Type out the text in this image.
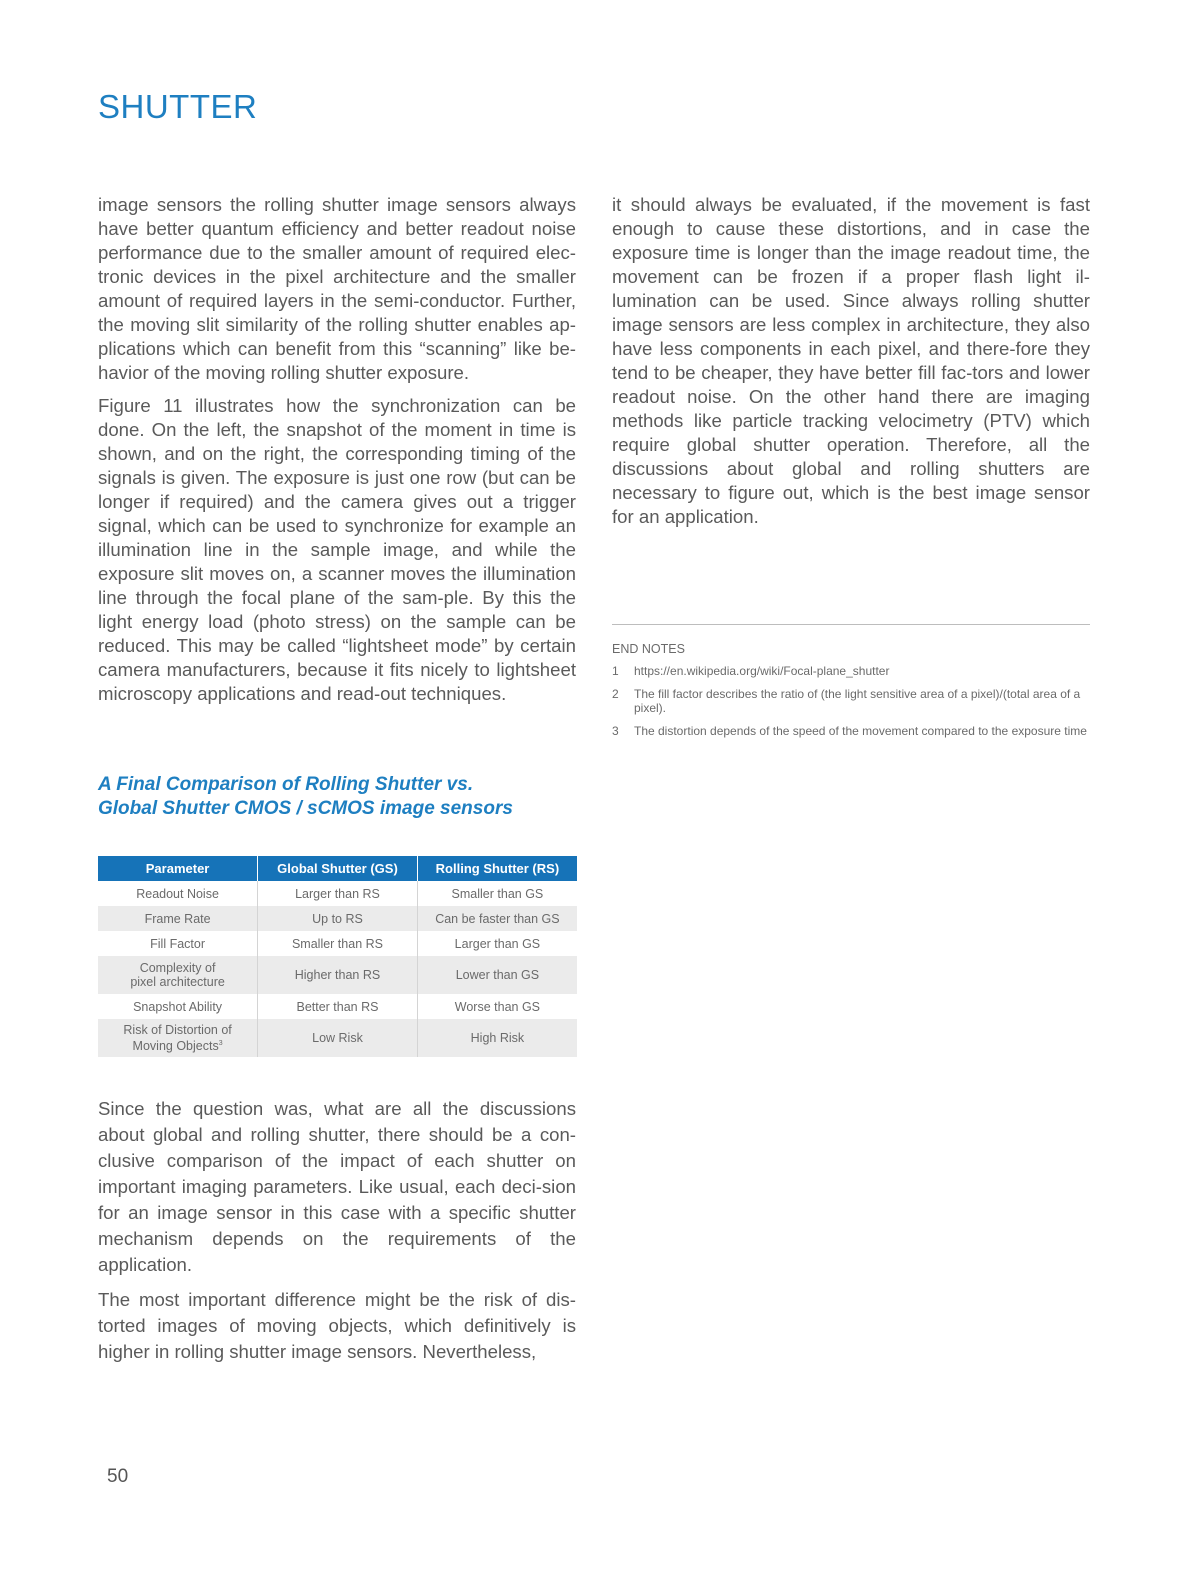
SHUTTER

image sensors the rolling shutter image sensors always have better quantum efficiency and better readout noise performance due to the smaller amount of required elec-tronic devices in the pixel architecture and the smaller amount of required layers in the semi-conductor. Further, the moving slit similarity of the rolling shutter enables ap-plications which can benefit from this “scanning” like be-havior of the moving rolling shutter exposure.

Figure 11 illustrates how the synchronization can be done. On the left, the snapshot of the moment in time is shown, and on the right, the corresponding timing of the signals is given. The exposure is just one row (but can be longer if required) and the camera gives out a trigger signal, which can be used to synchronize for example an illumination line in the sample image, and while the exposure slit moves on, a scanner moves the illumination line through the focal plane of the sam-ple. By this the light energy load (photo stress) on the sample can be reduced. This may be called “lightsheet mode” by certain camera manufacturers, because it fits nicely to lightsheet microscopy applications and read-out techniques.

it should always be evaluated, if the movement is fast enough to cause these distortions, and in case the exposure time is longer than the image readout time, the movement can be frozen if a proper flash light il-lumination can be used. Since always rolling shutter image sensors are less complex in architecture, they also have less components in each pixel, and there-fore they tend to be cheaper, they have better fill fac-tors and lower readout noise. On the other hand there are imaging methods like particle tracking velocimetry (PTV) which require global shutter operation. Therefore, all the discussions about global and rolling shutters are necessary to figure out, which is the best image sensor for an application.

END NOTES
1	https://en.wikipedia.org/wiki/Focal-plane_shutter
2	The fill factor describes the ratio of (the light sensitive area of a pixel)/(total area of a pixel).
3	The distortion depends of the speed of the movement compared to the exposure time
A Final Comparison of Rolling Shutter vs.
Global Shutter CMOS / sCMOS image sensors
Parameter	Global Shutter (GS)	Rolling Shutter (RS)
Readout Noise	Larger than RS	Smaller than GS
Frame Rate	Up to RS	Can be faster than GS
Fill Factor	Smaller than RS	Larger than GS
Complexity of
pixel architecture	Higher than RS	Lower than GS
Snapshot Ability	Better than RS	Worse than GS
Risk of Distortion of
Moving Objects$^3$	Low Risk	High Risk

Since the question was, what are all the discussions about global and rolling shutter, there should be a con-clusive comparison of the impact of each shutter on important imaging parameters. Like usual, each deci-sion for an image sensor in this case with a specific shutter mechanism depends on the requirements of the application.

The most important difference might be the risk of dis-torted images of moving objects, which definitively is higher in rolling shutter image sensors. Nevertheless,

50
